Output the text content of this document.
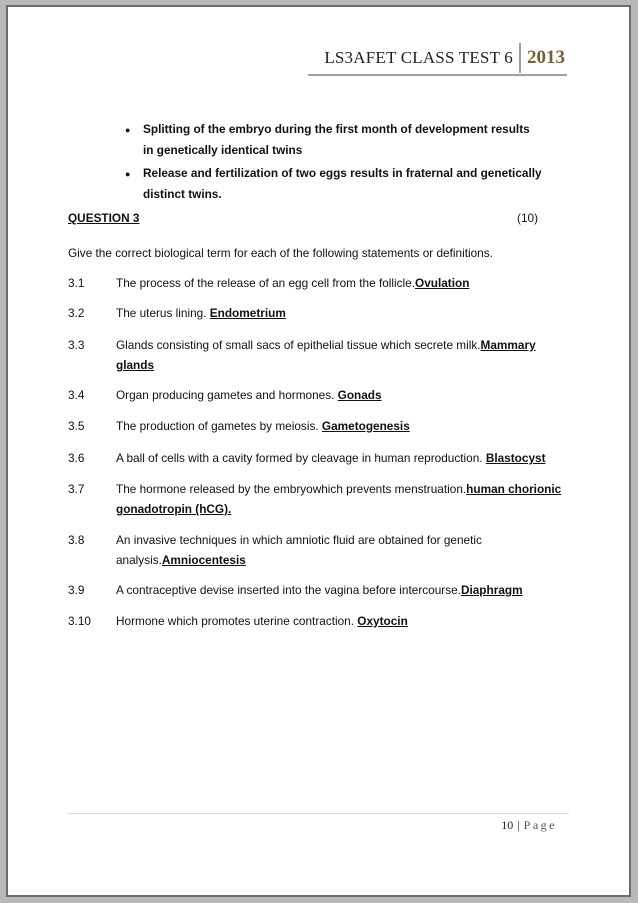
LS3AFET CLASS TEST 6 2013
●	Splitting of the embryo during the first month of development results in genetically identical twins
●	Release and fertilization of two eggs results in fraternal and genetically distinct twins.
QUESTION 3	(10)
Give the correct biological term for each of the following statements or definitions.
3.1	The process of the release of an egg cell from the follicle.Ovulation
3.2	The uterus lining. Endometrium
3.3	Glands consisting of small sacs of epithelial tissue which secrete milk.Mammary glands
3.4	Organ producing gametes and hormones. Gonads
3.5	The production of gametes by meiosis. Gametogenesis
3.6	A ball of cells with a cavity formed by cleavage in human reproduction. Blastocyst
3.7	The hormone released by the embryowhich prevents menstruation.human chorionic gonadotropin (hCG).
3.8	An invasive techniques in which amniotic fluid are obtained for genetic analysis.Amniocentesis
3.9	A contraceptive devise inserted into the vagina before intercourse.Diaphragm
3.10	Hormone which promotes uterine contraction. Oxytocin
10 | Page
